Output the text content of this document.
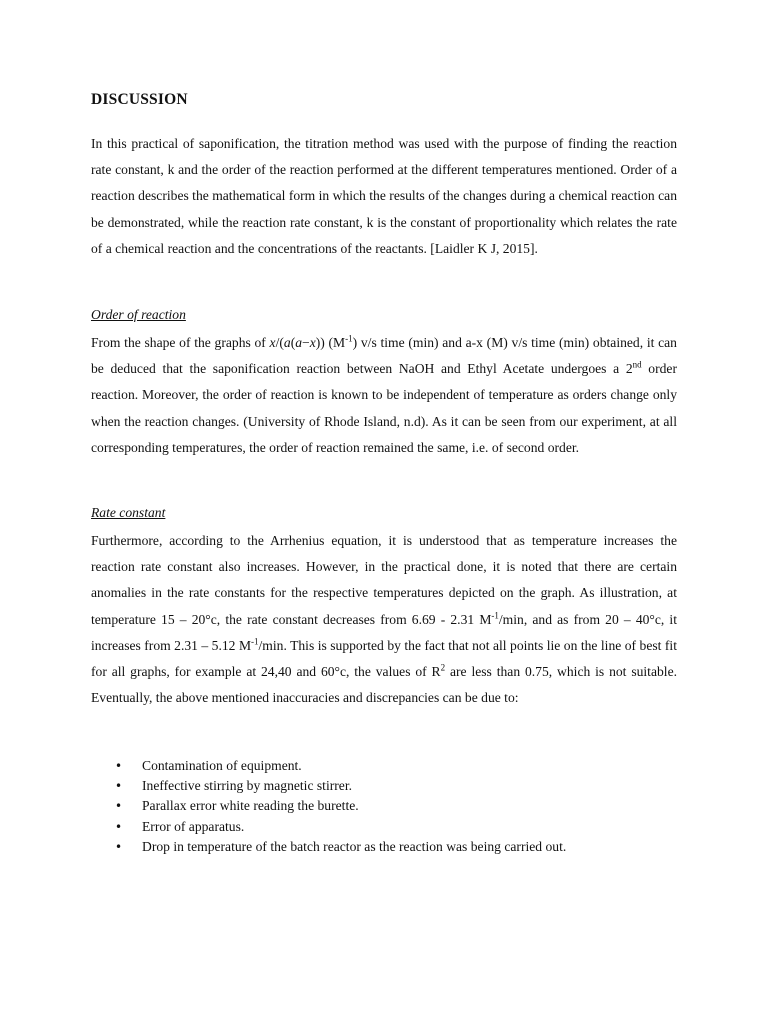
DISCUSSION

In this practical of saponification, the titration method was used with the purpose of finding the reaction rate constant, k and the order of the reaction performed at the different temperatures mentioned. Order of a reaction describes the mathematical form in which the results of the changes during a chemical reaction can be demonstrated, while the reaction rate constant, k is the constant of proportionality which relates the rate of a chemical reaction and the concentrations of the reactants. [Laidler K J, 2015].

Order of reaction

From the shape of the graphs of x/(a(a−x)) $(M^{-1})$ v/s time (min) and a-x (M) v/s time (min) obtained, it can be deduced that the saponification reaction between NaOH and Ethyl Acetate undergoes a 2nd order reaction. Moreover, the order of reaction is known to be independent of temperature as orders change only when the reaction changes. (University of Rhode Island, n.d). As it can be seen from our experiment, at all corresponding temperatures, the order of reaction remained the same, i.e. of second order.

Rate constant

Furthermore, according to the Arrhenius equation, it is understood that as temperature increases the reaction rate constant also increases. However, in the practical done, it is noted that there are certain anomalies in the rate constants for the respective temperatures depicted on the graph. As illustration, at temperature 15 – 20°c, the rate constant decreases from 6.69 - 2.31 $M^{-1}/\min$, and as from 20 – 40°c, it increases from 2.31 – 5.12 $M^{-1}/\min$. This is supported by the fact that not all points lie on the line of best fit for all graphs, for example at 24,40 and 60°c, the values of $R^2$ are less than 0.75, which is not suitable. Eventually, the above mentioned inaccuracies and discrepancies can be due to:

• Contamination of equipment.
• Ineffective stirring by magnetic stirrer.
• Parallax error white reading the burette.
• Error of apparatus.
• Drop in temperature of the batch reactor as the reaction was being carried out.
